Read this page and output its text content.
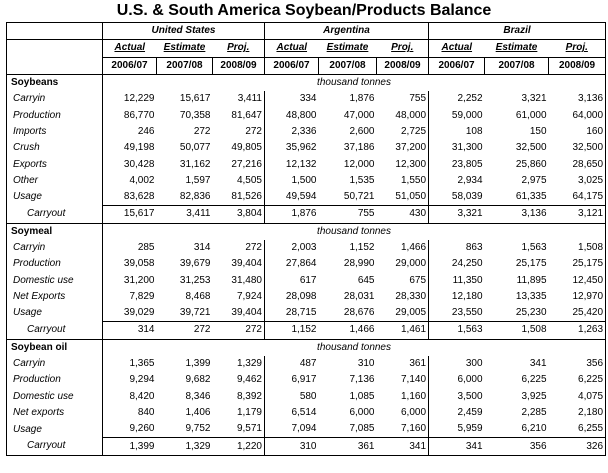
U.S. & South America Soybean/Products Balance
	United States			Argentina			Brazil		
	Actual	Estimate	Proj.	Actual	Estimate	Proj.	Actual	Estimate	Proj.
	2006/07	2007/08	2008/09	2006/07	2007/08	2008/09	2006/07	2007/08	2008/09
Soybeans	thousand tonnes								
Carryin	12,229	15,617	3,411	334	1,876	755	2,252	3,321	3,136
Production	86,770	70,358	81,647	48,800	47,000	48,000	59,000	61,000	64,000
Imports	246	272	272	2,336	2,600	2,725	108	150	160
Crush	49,198	50,077	49,805	35,962	37,186	37,200	31,300	32,500	32,500
Exports	30,428	31,162	27,216	12,132	12,000	12,300	23,805	25,860	28,650
Other	4,002	1,597	4,505	1,500	1,535	1,550	2,934	2,975	3,025
Usage	83,628	82,836	81,526	49,594	50,721	51,050	58,039	61,335	64,175
Carryout	15,617	3,411	3,804	1,876	755	430	3,321	3,136	3,121
Soymeal	thousand tonnes								
Carryin	285	314	272	2,003	1,152	1,466	863	1,563	1,508
Production	39,058	39,679	39,404	27,864	28,990	29,000	24,250	25,175	25,175
Domestic use	31,200	31,253	31,480	617	645	675	11,350	11,895	12,450
Net Exports	7,829	8,468	7,924	28,098	28,031	28,330	12,180	13,335	12,970
Usage	39,029	39,721	39,404	28,715	28,676	29,005	23,550	25,230	25,420
Carryout	314	272	272	1,152	1,466	1,461	1,563	1,508	1,263
Soybean oil	thousand tonnes								
Carryin	1,365	1,399	1,329	487	310	361	300	341	356
Production	9,294	9,682	9,462	6,917	7,136	7,140	6,000	6,225	6,225
Domestic use	8,420	8,346	8,392	580	1,085	1,160	3,500	3,925	4,075
Net exports	840	1,406	1,179	6,514	6,000	6,000	2,459	2,285	2,180
Usage	9,260	9,752	9,571	7,094	7,085	7,160	5,959	6,210	6,255
Carryout	1,399	1,329	1,220	310	361	341	341	356	326
